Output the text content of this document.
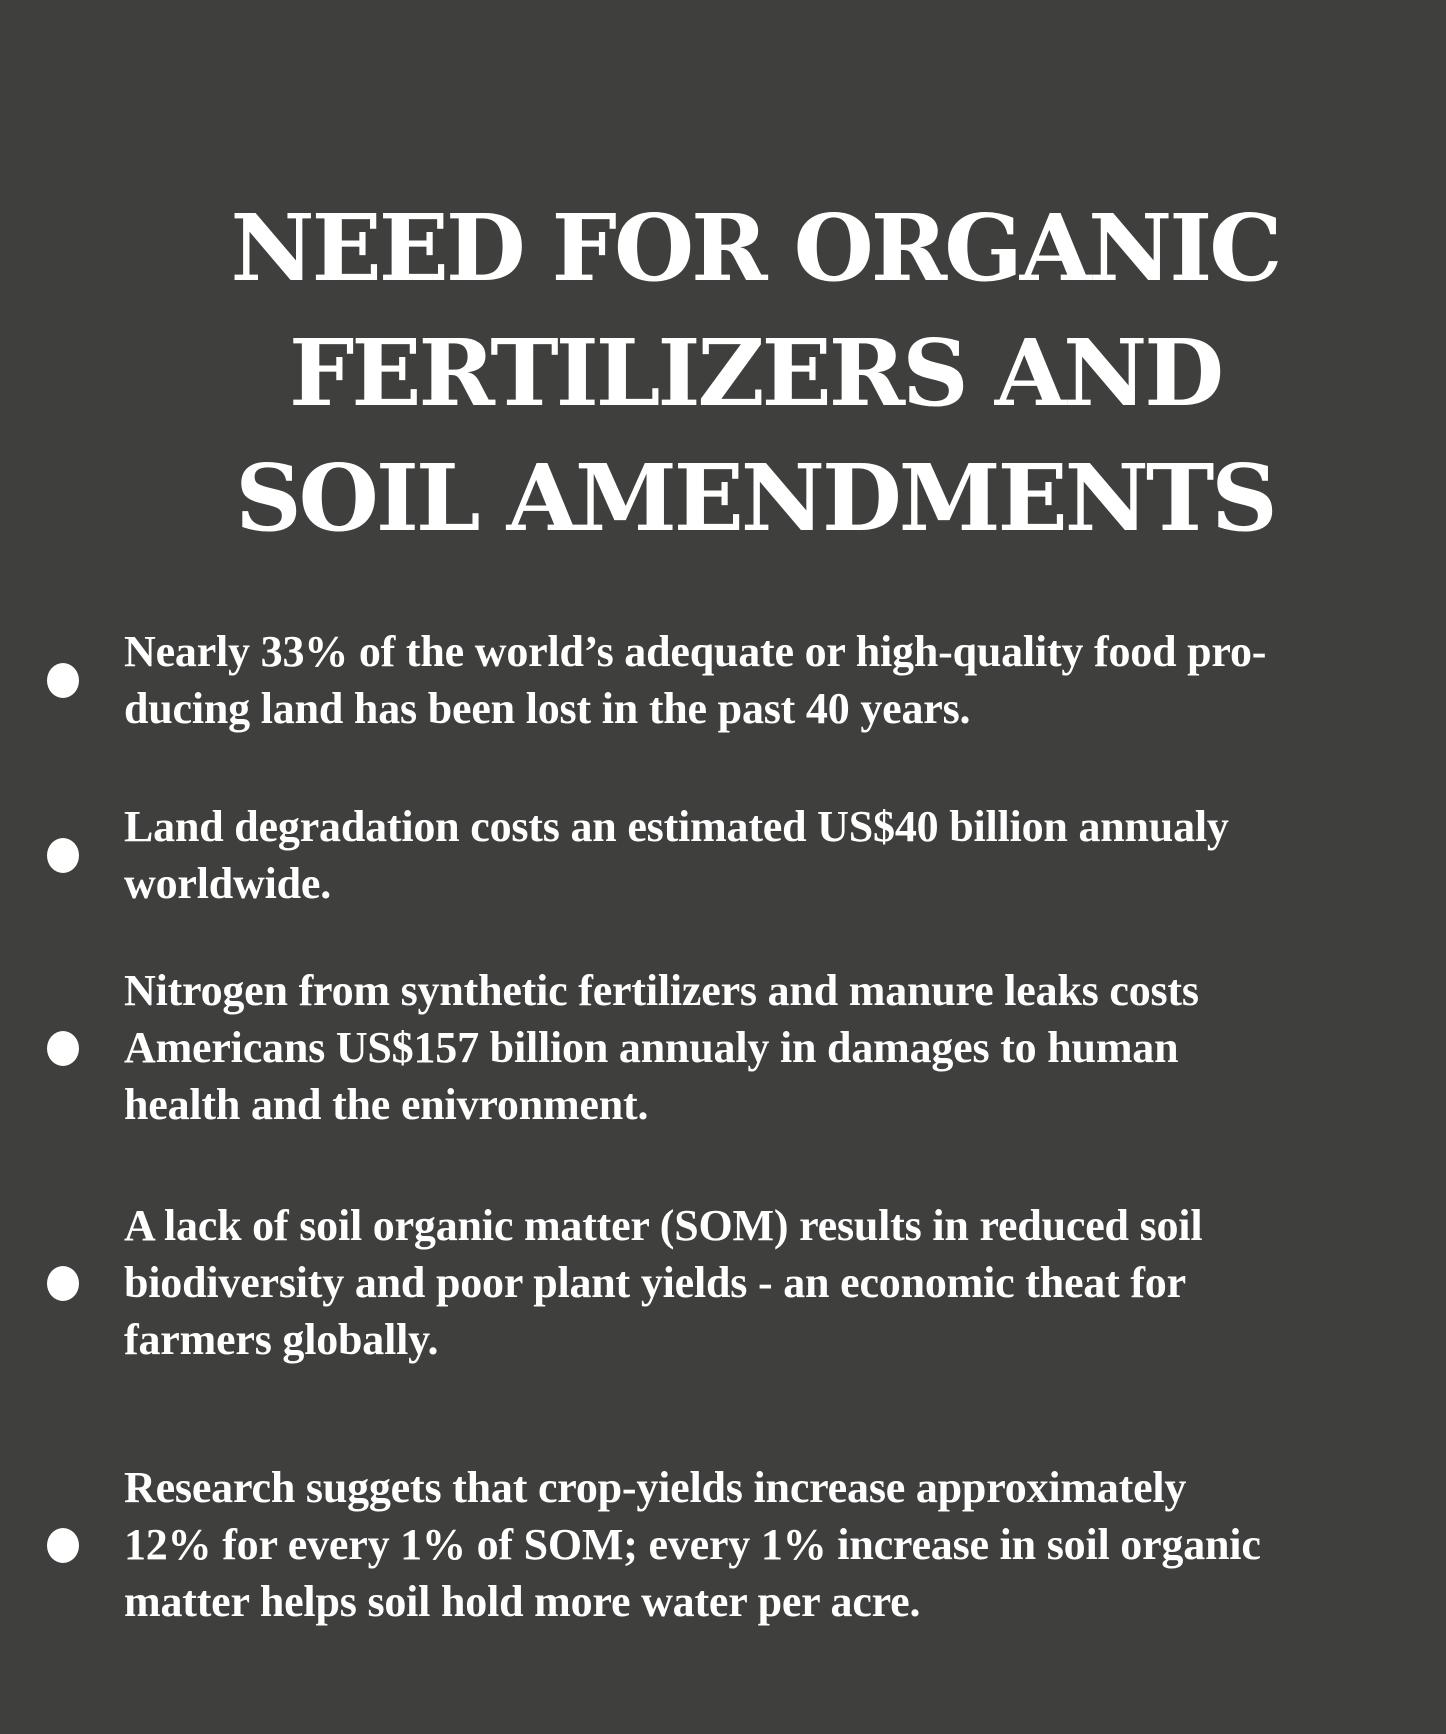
NEED FOR ORGANIC
FERTILIZERS AND
SOIL AMENDMENTS
Nearly 33% of the world’s adequate or high-quality food pro-
ducing land has been lost in the past 40 years.
Land degradation costs an estimated US$40 billion annualy
worldwide.
Nitrogen from synthetic fertilizers and manure leaks costs
Americans US$157 billion annualy in damages to human
health and the enivronment.
A lack of soil organic matter (SOM) results in reduced soil
biodiversity and poor plant yields - an economic theat for
farmers globally.
Research suggets that crop-yields increase approximately
12% for every 1% of SOM; every 1% increase in soil organic
matter helps soil hold more water per acre.
